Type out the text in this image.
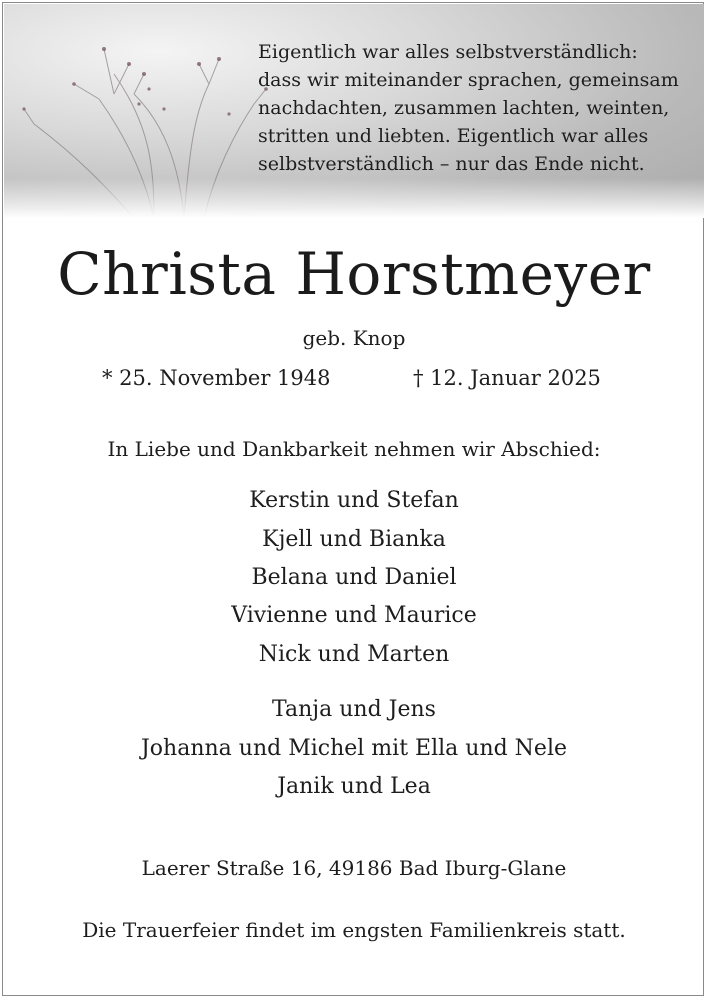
Eigentlich war alles selbstverständlich:
dass wir miteinander sprachen, gemeinsam
nachdachten, zusammen lachten, weinten,
stritten und liebten. Eigentlich war alles
selbstverständlich – nur das Ende nicht.
Christa Horstmeyer
geb. Knop
* 25. November 1948	† 12. Januar 2025
In Liebe und Dankbarkeit nehmen wir Abschied:
Kerstin und Stefan
Kjell und Bianka
Belana und Daniel
Vivienne und Maurice
Nick und Marten
Tanja und Jens
Johanna und Michel mit Ella und Nele
Janik und Lea
Laerer Straße 16, 49186 Bad Iburg-Glane
Die Trauerfeier findet im engsten Familienkreis statt.
